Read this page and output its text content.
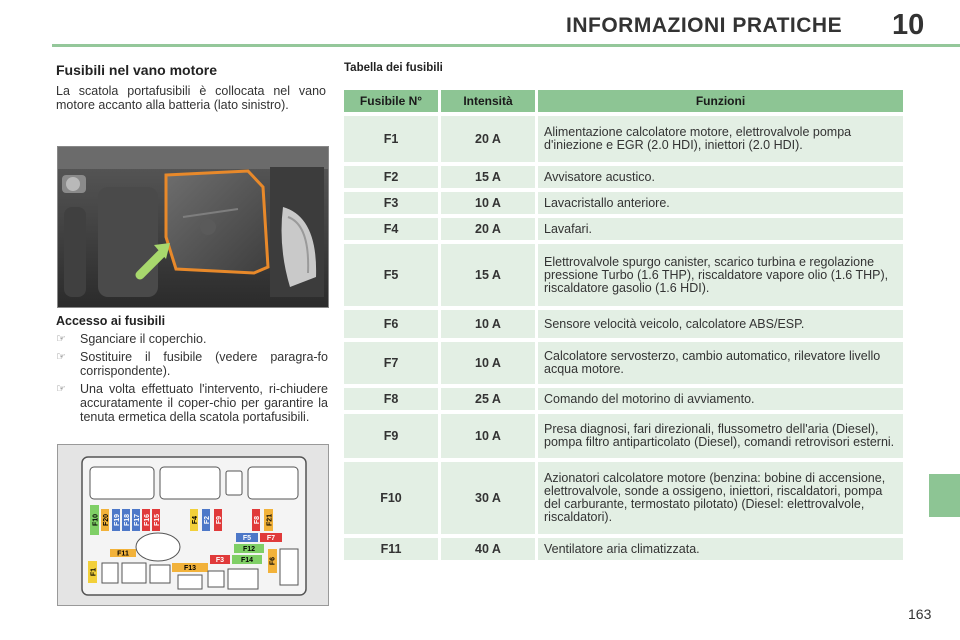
INFORMAZIONI PRATICHE 10
Fusibili nel vano motore
La scatola portafusibili è collocata nel vano motore accanto alla batteria (lato sinistro).
Accesso ai fusibili
☞ Sganciare il coperchio.
☞ Sostituire il fusibile (vedere paragra-fo corrispondente).
☞ Una volta effettuato l'intervento, ri-chiudere accuratamente il coper-chio per garantire la tenuta ermetica della scatola portafusibili.
F10 F20 F19 F18 F17 F16 F15	F4 F2 F9	F8 F21
F5 F7
F12
F11
F3 F14 F6
F13
F1
Tabella dei fusibili
Fusibile N°	Intensità	Funzioni
F1	20 A	Alimentazione calcolatore motore, elettrovalvole pompa d'iniezione e EGR (2.0 HDI), iniettori (2.0 HDI).
F2	15 A	Avvisatore acustico.
F3	10 A	Lavacristallo anteriore.
F4	20 A	Lavafari.
F5	15 A	Elettrovalvole spurgo canister, scarico turbina e regolazione pressione Turbo (1.6 THP), riscaldatore vapore olio (1.6 THP), riscaldatore gasolio (1.6 HDI).
F6	10 A	Sensore velocità veicolo, calcolatore ABS/ESP.
F7	10 A	Calcolatore servosterzo, cambio automatico, rilevatore livello acqua motore.
F8	25 A	Comando del motorino di avviamento.
F9	10 A	Presa diagnosi, fari direzionali, flussometro dell'aria (Diesel), pompa filtro antiparticolato (Diesel), comandi retrovisori esterni.
F10	30 A	Azionatori calcolatore motore (benzina: bobine di accensione, elettrovalvole, sonde a ossigeno, iniettori, riscaldatori, pompa del carburante, termostato pilotato) (Diesel: elettrovalvole, riscaldatori).
F11	40 A	Ventilatore aria climatizzata.
163
